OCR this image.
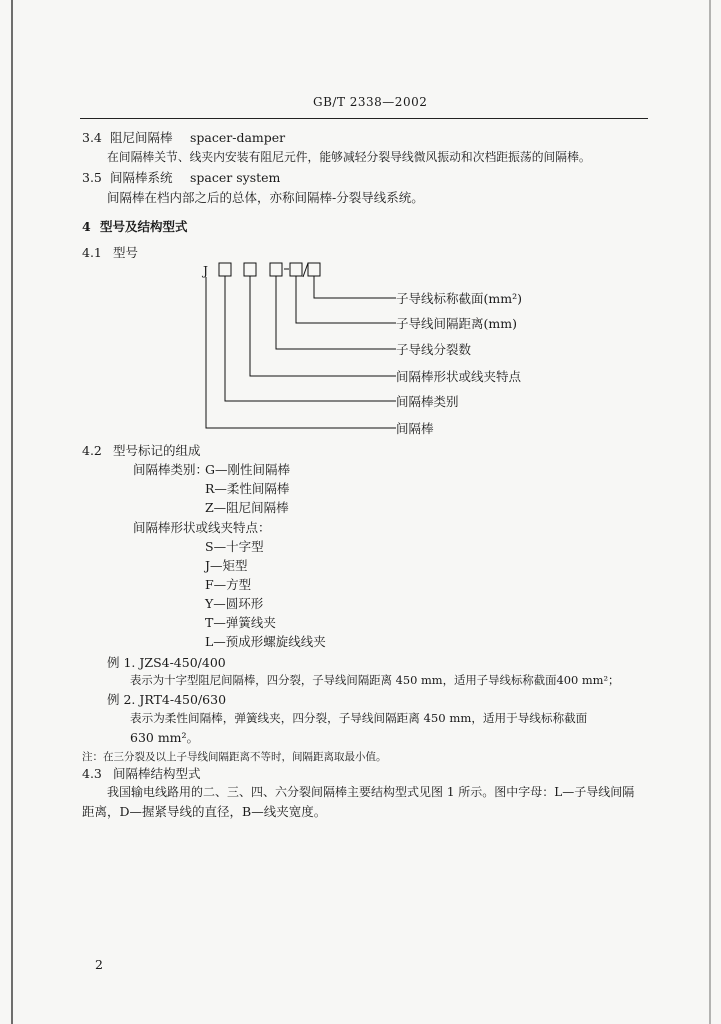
GB/T 2338—2002
3.4 阻尼间隔棒 spacer-damper
在间隔棒关节、线夹内安装有阻尼元件，能够减轻分裂导线微风振动和次档距振荡的间隔棒。
3.5 间隔棒系统 spacer system
间隔棒在档内部之后的总体，亦称间隔棒-分裂导线系统。
4 型号及结构型式
4.1 型号
J
子导线标称截面(mm²)
子导线间隔距离(mm)
子导线分裂数
间隔棒形状或线夹特点
间隔棒类别
间隔棒
4.2 型号标记的组成
间隔棒类别：
G—刚性间隔棒
R—柔性间隔棒
Z—阻尼间隔棒
间隔棒形状或线夹特点：
S—十字型
J—矩型
F—方型
Y—圆环形
T—弹簧线夹
L—预成形螺旋线线夹
例 1. JZS4-450/400
表示为十字型阻尼间隔棒，四分裂，子导线间隔距离 450 mm，适用子导线标称截面400 mm²；
例 2. JRT4-450/630
表示为柔性间隔棒，弹簧线夹，四分裂，子导线间隔距离 450 mm，适用于导线标称截面
630 mm²。
注：在三分裂及以上子导线间隔距离不等时，间隔距离取最小值。
4.3 间隔棒结构型式
我国输电线路用的二、三、四、六分裂间隔棒主要结构型式见图 1 所示。图中字母：L—子导线间隔
距离，D—握紧导线的直径，B—线夹宽度。
2
